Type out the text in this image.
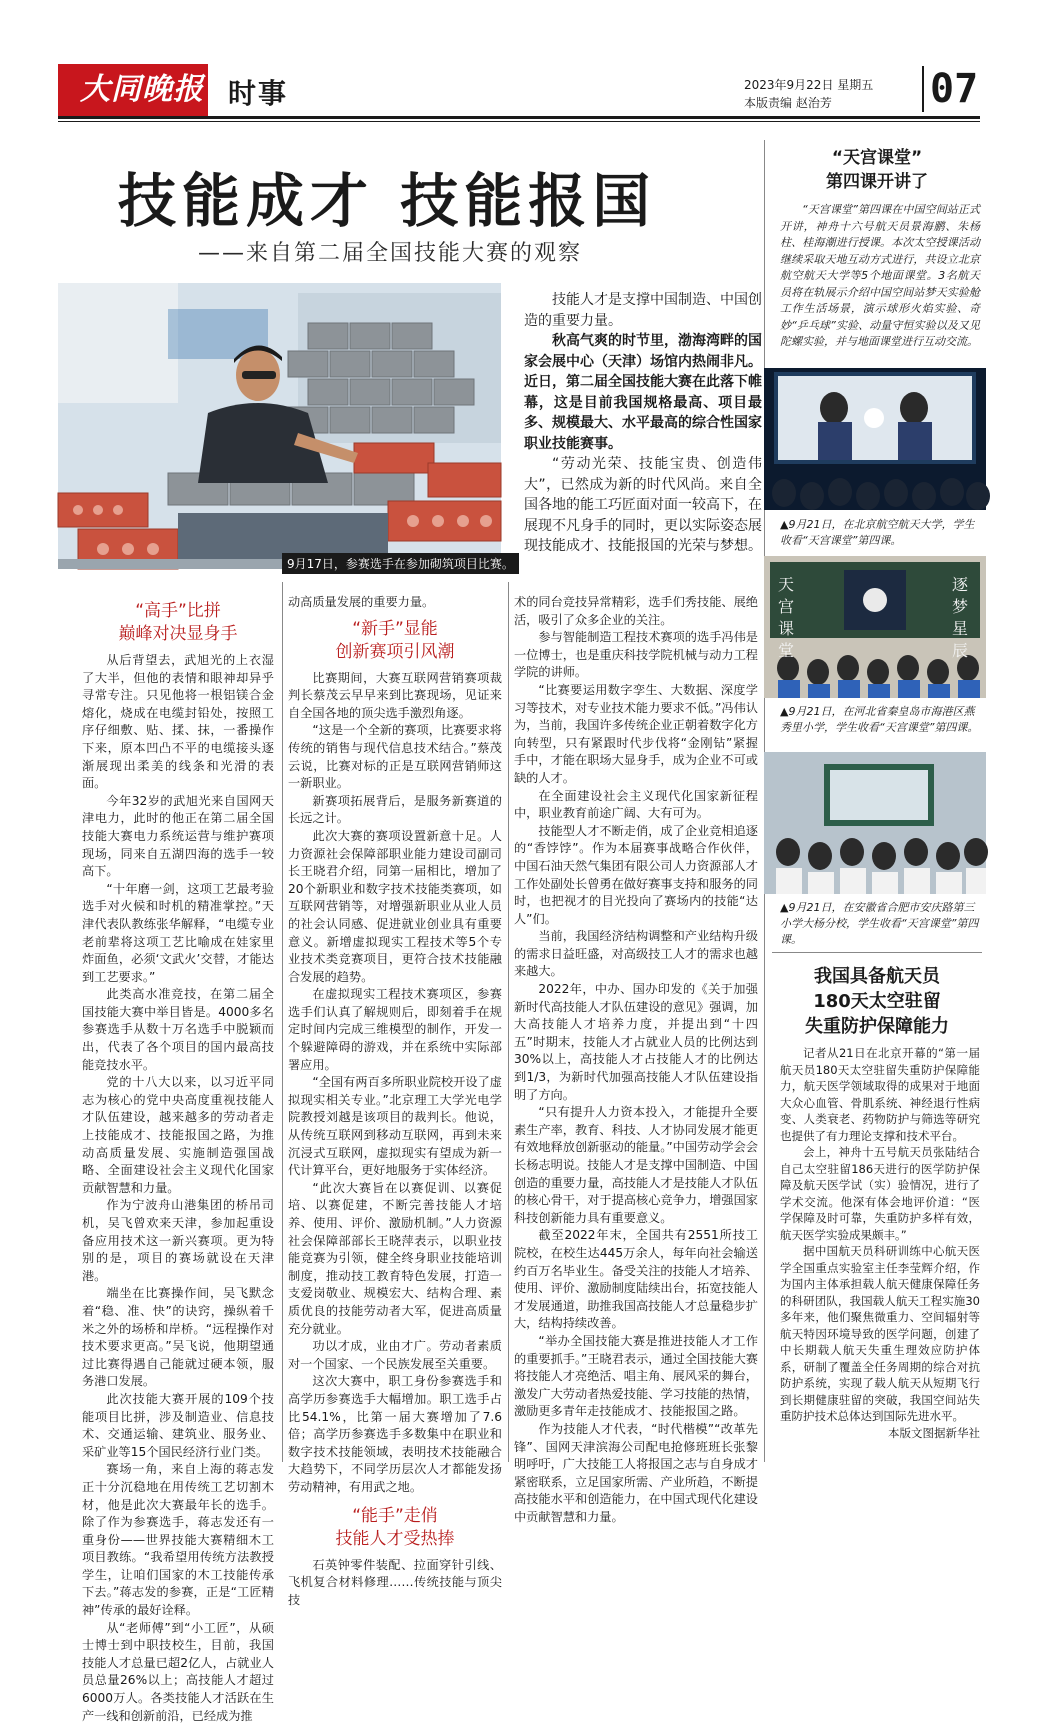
大同晚报 时事	2023年9月22日 星期五
本版责编 赵治芳	07
技能成才 技能报国
——来自第二届全国技能大赛的观察
9月17日，参赛选手在参加砌筑项目比赛。

技能人才是支撑中国制造、中国创造的重要力量。

秋高气爽的时节里，渤海湾畔的国家会展中心（天津）场馆内热闹非凡。近日，第二届全国技能大赛在此落下帷幕，这是目前我国规格最高、项目最多、规模最大、水平最高的综合性国家职业技能赛事。

“劳动光荣、技能宝贵、创造伟大”，已然成为新的时代风尚。来自全国各地的能工巧匠面对面一较高下，在展现不凡身手的同时，更以实际姿态展现技能成才、技能报国的光荣与梦想。

“高手”比拼
巅峰对决显身手

从后背望去，武旭光的上衣湿了大半，但他的表情和眼神却异乎寻常专注。只见他将一根铝镁合金熔化，烧成在电缆封铅处，按照工序仔细敷、贴、揉、抹，一番操作下来，原本凹凸不平的电缆接头逐渐展现出柔美的线条和光滑的表面。

今年32岁的武旭光来自国网天津电力，此时的他正在第二届全国技能大赛电力系统运营与维护赛项现场，同来自五湖四海的选手一较高下。

“十年磨一剑，这项工艺最考验选手对火候和时机的精准掌控。”天津代表队教练张华解释，“电缆专业老前辈将这项工艺比喻成在娃家里炸面鱼，必须‘文武火’交替，才能达到工艺要求。”

此类高水准竞技，在第二届全国技能大赛中举目皆是。4000多名参赛选手从数十万名选手中脱颖而出，代表了各个项目的国内最高技能竞技水平。

党的十八大以来，以习近平同志为核心的党中央高度重视技能人才队伍建设，越来越多的劳动者走上技能成才、技能报国之路，为推动高质量发展、实施制造强国战略、全面建设社会主义现代化国家贡献智慧和力量。

作为宁波舟山港集团的桥吊司机，吴飞曾欢来天津，参加起重设备应用技术这一新兴赛项。更为特别的是，项目的赛场就设在天津港。

端坐在比赛操作间，吴飞默念着“稳、准、快”的诀窍，操纵着千米之外的场桥和岸桥。“远程操作对技术要求更高。”吴飞说，他期望通过比赛得遇自己能就过硬本领，服务港口发展。

此次技能大赛开展的109个技能项目比拼，涉及制造业、信息技术、交通运输、建筑业、服务业、采矿业等15个国民经济行业门类。

赛场一角，来自上海的蒋志发正十分沉稳地在用传统工艺切割木材，他是此次大赛最年长的选手。除了作为参赛选手，蒋志发还有一重身份——世界技能大赛精细木工项目教练。“我希望用传统方法教授学生，让咱们国家的木工技能传承下去。”蒋志发的参赛，正是“工匠精神”传承的最好诠释。

从“老师傅”到“小工匠”，从硕士博士到中职技校生，目前，我国技能人才总量已超2亿人，占就业人员总量26%以上；高技能人才超过6000万人。各类技能人才活跃在生产一线和创新前沿，已经成为推

动高质量发展的重要力量。

“新手”显能
创新赛项引风潮

比赛期间，大赛互联网营销赛项裁判长蔡茂云早早来到比赛现场，见证来自全国各地的顶尖选手激烈角逐。

“这是一个全新的赛项，比赛要求将传统的销售与现代信息技术结合。”蔡茂云说，比赛对标的正是互联网营销师这一新职业。

新赛项拓展背后，是服务新赛道的长远之计。

此次大赛的赛项设置新意十足。人力资源社会保障部职业能力建设司副司长王晓君介绍，同第一届相比，增加了20个新职业和数字技术技能类赛项，如互联网营销等，对增强新职业从业人员的社会认同感、促进就业创业具有重要意义。新增虚拟现实工程技术等5个专业技术类竞赛项目，更符合技术技能融合发展的趋势。

在虚拟现实工程技术赛项区，参赛选手们认真了解规则后，即刻着手在规定时间内完成三维模型的制作，开发一个躲避障碍的游戏，并在系统中实际部署应用。

“全国有两百多所职业院校开设了虚拟现实相关专业。”北京理工大学光电学院教授刘越是该项目的裁判长。他说，从传统互联网到移动互联网，再到未来沉浸式互联网，虚拟现实有望成为新一代计算平台，更好地服务于实体经济。

“此次大赛旨在以赛促训、以赛促培、以赛促建，不断完善技能人才培养、使用、评价、激励机制。”人力资源社会保障部部长王晓萍表示，以职业技能竞赛为引领，健全终身职业技能培训制度，推动技工教育特色发展，打造一支爱岗敬业、规模宏大、结构合理、素质优良的技能劳动者大军，促进高质量充分就业。

功以才成，业由才广。劳动者素质对一个国家、一个民族发展至关重要。

这次大赛中，职工身份参赛选手和高学历参赛选手大幅增加。职工选手占比54.1%，比第一届大赛增加了7.6倍；高学历参赛选手多数集中在职业和数字技术技能领域，表明技术技能融合大趋势下，不同学历层次人才都能发扬劳动精神，有用武之地。

“能手”走俏
技能人才受热捧

石英钟零件装配、拉面穿针引线、飞机复合材料修理……传统技能与顶尖技

术的同台竞技异常精彩，选手们秀技能、展绝活，吸引了众多企业的关注。

参与智能制造工程技术赛项的选手冯伟是一位博士，也是重庆科技学院机械与动力工程学院的讲师。

“比赛要运用数字孪生、大数据、深度学习等技术，对专业技术能力要求不低。”冯伟认为，当前，我国许多传统企业正朝着数字化方向转型，只有紧跟时代步伐将“金刚钻”紧握手中，才能在职场大显身手，成为企业不可或缺的人才。

在全面建设社会主义现代化国家新征程中，职业教育前途广阔、大有可为。

技能型人才不断走俏，成了企业竞相追逐的“香饽饽”。作为本届赛事战略合作伙伴，中国石油天然气集团有限公司人力资源部人才工作处副处长曾勇在做好赛事支持和服务的同时，也把视才的目光投向了赛场内的技能“达人”们。

当前，我国经济结构调整和产业结构升级的需求日益旺盛，对高级技工人才的需求也越来越大。

2022年，中办、国办印发的《关于加强新时代高技能人才队伍建设的意见》强调，加大高技能人才培养力度，并提出到“十四五”时期末，技能人才占就业人员的比例达到30%以上，高技能人才占技能人才的比例达到1/3，为新时代加强高技能人才队伍建设指明了方向。

“只有提升人力资本投入，才能提升全要素生产率，教育、科技、人才协同发展才能更有效地释放创新驱动的能量。”中国劳动学会会长杨志明说。技能人才是支撑中国制造、中国创造的重要力量，高技能人才是技能人才队伍的核心骨干，对于提高核心竞争力，增强国家科技创新能力具有重要意义。

截至2022年末，全国共有2551所技工院校，在校生达445万余人，每年向社会输送约百万名毕业生。备受关注的技能人才培养、使用、评价、激励制度陆续出台，拓宽技能人才发展通道，助推我国高技能人才总量稳步扩大，结构持续改善。

“举办全国技能大赛是推进技能人才工作的重要抓手。”王晓君表示，通过全国技能大赛将技能人才亮绝活、唱主角、展风采的舞台，激发广大劳动者热爱技能、学习技能的热情，激励更多青年走技能成才、技能报国之路。

作为技能人才代表，“时代楷模”“改革先锋”、国网天津滨海公司配电抢修班班长张黎明呼吁，广大技能工人将报国之志与自身成才紧密联系，立足国家所需、产业所趋，不断提高技能水平和创造能力，在中国式现代化建设中贡献智慧和力量。

“天宫课堂”
第四课开讲了

“天宫课堂”第四课在中国空间站正式开讲，神舟十六号航天员景海鹏、朱杨柱、桂海潮进行授课。本次太空授课活动继续采取天地互动方式进行，共设立北京航空航天大学等5个地面课堂。3名航天员将在轨展示介绍中国空间站梦天实验舱工作生活场景，演示球形火焰实验、奇妙“乒乓球”实验、动量守恒实验以及又见陀螺实验，并与地面课堂进行互动交流。

▲9月21日，在北京航空航天大学，学生收看“天宫课堂”第四课。
天宫课堂
逐梦星辰
▲9月21日，在河北省秦皇岛市海港区燕秀里小学，学生收看“天宫课堂”第四课。
▲9月21日，在安徽省合肥市安庆路第三小学大杨分校，学生收看“天宫课堂”第四课。
我国具备航天员
180天太空驻留
失重防护保障能力

记者从21日在北京开幕的“第一届航天员180天太空驻留失重防护保障能力，航天医学领域取得的成果对于地面大众心血管、骨肌系统、神经退行性病变、人类衰老、药物防护与筛选等研究也提供了有力理论支撑和技术平台。

会上，神舟十五号航天员张陆结合自己太空驻留186天进行的医学防护保障及航天医学试（实）验情况，进行了学术交流。他深有体会地评价道：“医学保障及时可靠，失重防护多样有效，航天医学实验成果颇丰。”

据中国航天员科研训练中心航天医学全国重点实验室主任李莹辉介绍，作为国内主体承担载人航天健康保障任务的科研团队，我国载人航天工程实施30多年来，他们聚焦微重力、空间辐射等航天特因环境导致的医学问题，创建了中长期载人航天失重生理效应防护体系，研制了覆盖全任务周期的综合对抗防护系统，实现了载人航天从短期飞行到长期健康驻留的突破，我国空间站失重防护技术总体达到国际先进水平。

本版文图据新华社
